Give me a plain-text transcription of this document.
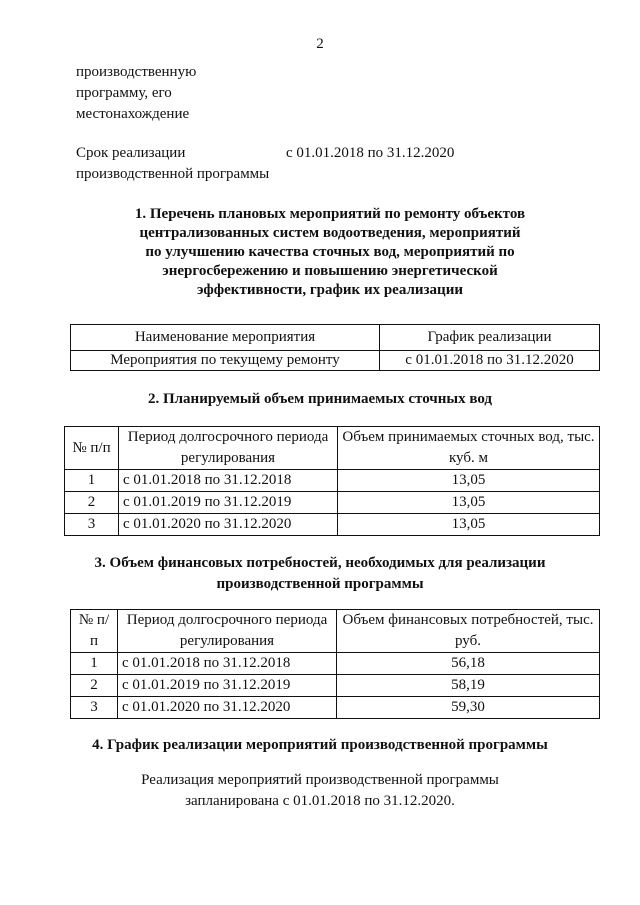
2
производственную
программу, его
местонахождение
Срок реализации
производственной программы
с 01.01.2018 по 31.12.2020
1. Перечень плановых мероприятий по ремонту объектов
централизованных систем водоотведения, мероприятий
по улучшению качества сточных вод, мероприятий по
энергосбережению и повышению энергетической
эффективности, график их реализации
Наименование мероприятия	График реализации
Мероприятия по текущему ремонту	с 01.01.2018 по 31.12.2020
2. Планируемый объем принимаемых сточных вод
№ п/п	Период долгосрочного периода регулирования	Объем принимаемых сточных вод, тыс. куб. м
1	с 01.01.2018 по 31.12.2018	13,05
2	с 01.01.2019 по 31.12.2019	13,05
3	с 01.01.2020 по 31.12.2020	13,05
3. Объем финансовых потребностей, необходимых для реализации
производственной программы
№ п/п	Период долгосрочного периода регулирования	Объем финансовых потребностей, тыс. руб.
1	с 01.01.2018 по 31.12.2018	56,18
2	с 01.01.2019 по 31.12.2019	58,19
3	с 01.01.2020 по 31.12.2020	59,30
4. График реализации мероприятий производственной программы
Реализация мероприятий производственной программы
запланирована с 01.01.2018 по 31.12.2020.
